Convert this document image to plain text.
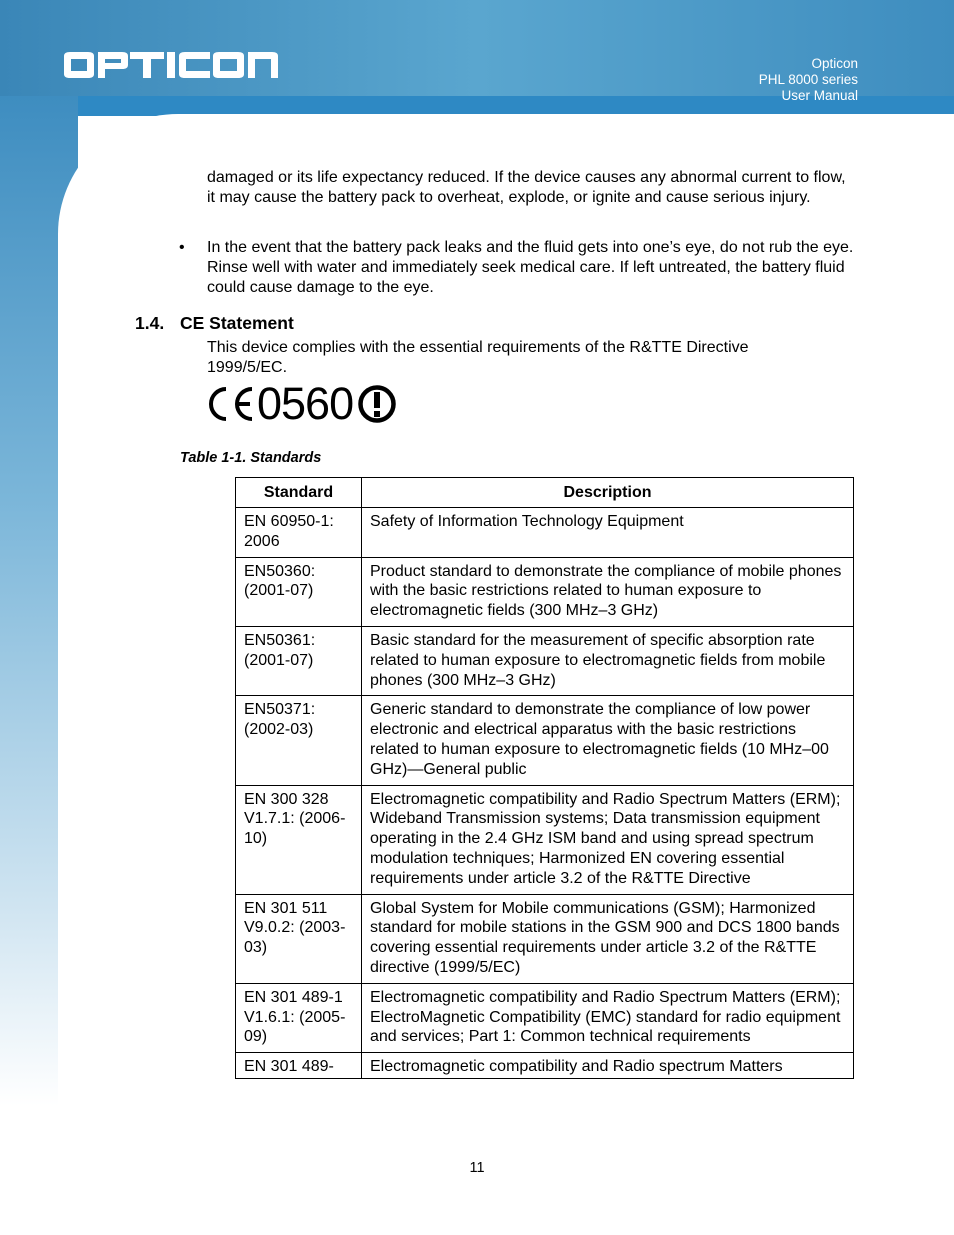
Opticon
PHL 8000 series
User Manual
damaged or its life expectancy reduced. If the device causes any abnormal current to flow, it may cause the battery pack to overheat, explode, or ignite and cause serious injury.
• In the event that the battery pack leaks and the fluid gets into one’s eye, do not rub the eye. Rinse well with water and immediately seek medical care. If left untreated, the battery fluid could cause damage to the eye.
1.4. CE Statement
This device complies with the essential requirements of the R&TTE Directive 1999/5/EC.
0560
Table 1-1. Standards
Standard	Description
EN 60950-1: 2006	Safety of Information Technology Equipment
EN50360: (2001-07)	Product standard to demonstrate the compliance of mobile phones with the basic restrictions related to human exposure to electromagnetic fields (300 MHz–3 GHz)
EN50361: (2001-07)	Basic standard for the measurement of specific absorption rate related to human exposure to electromagnetic fields from mobile phones (300 MHz–3 GHz)
EN50371: (2002-03)	Generic standard to demonstrate the compliance of low power electronic and electrical apparatus with the basic restrictions related to human exposure to electromagnetic fields (10 MHz–00 GHz)—General public
EN 300 328 V1.7.1: (2006-10)	Electromagnetic compatibility and Radio Spectrum Matters (ERM); Wideband Transmission systems; Data transmission equipment operating in the 2.4 GHz ISM band and using spread spectrum modulation techniques; Harmonized EN covering essential requirements under article 3.2 of the R&TTE Directive
EN 301 511 V9.0.2: (2003-03)	Global System for Mobile communications (GSM); Harmonized standard for mobile stations in the GSM 900 and DCS 1800 bands covering essential requirements under article 3.2 of the R&TTE directive (1999/5/EC)
EN 301 489-1 V1.6.1: (2005-09)	Electromagnetic compatibility and Radio Spectrum Matters (ERM); ElectroMagnetic Compatibility (EMC) standard for radio equipment and services; Part 1: Common technical requirements
EN 301 489-	Electromagnetic compatibility and Radio spectrum Matters
11
